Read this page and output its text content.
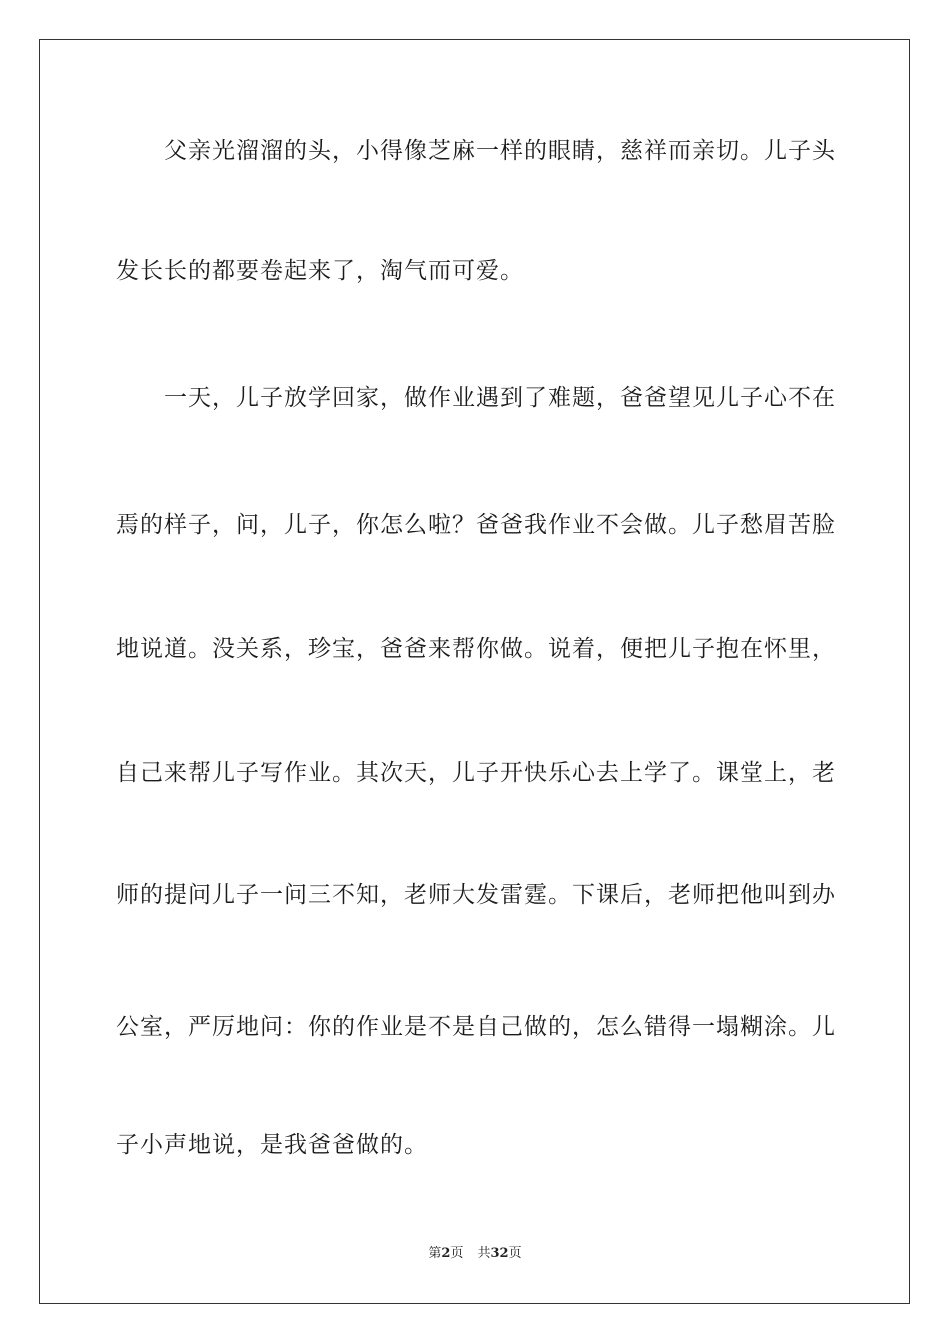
父亲光溜溜的头，小得像芝麻一样的眼睛，慈祥而亲切。儿子头
发长长的都要卷起来了，淘气而可爱。
一天，儿子放学回家，做作业遇到了难题，爸爸望见儿子心不在
焉的样子，问，儿子，你怎么啦？爸爸我作业不会做。儿子愁眉苦脸
地说道。没关系，珍宝，爸爸来帮你做。说着，便把儿子抱在怀里，
自己来帮儿子写作业。其次天，儿子开快乐心去上学了。课堂上，老
师的提问儿子一问三不知，老师大发雷霆。下课后，老师把他叫到办
公室，严厉地问：你的作业是不是自己做的，怎么错得一塌糊涂。儿
子小声地说，是我爸爸做的。
第2页 共32页
